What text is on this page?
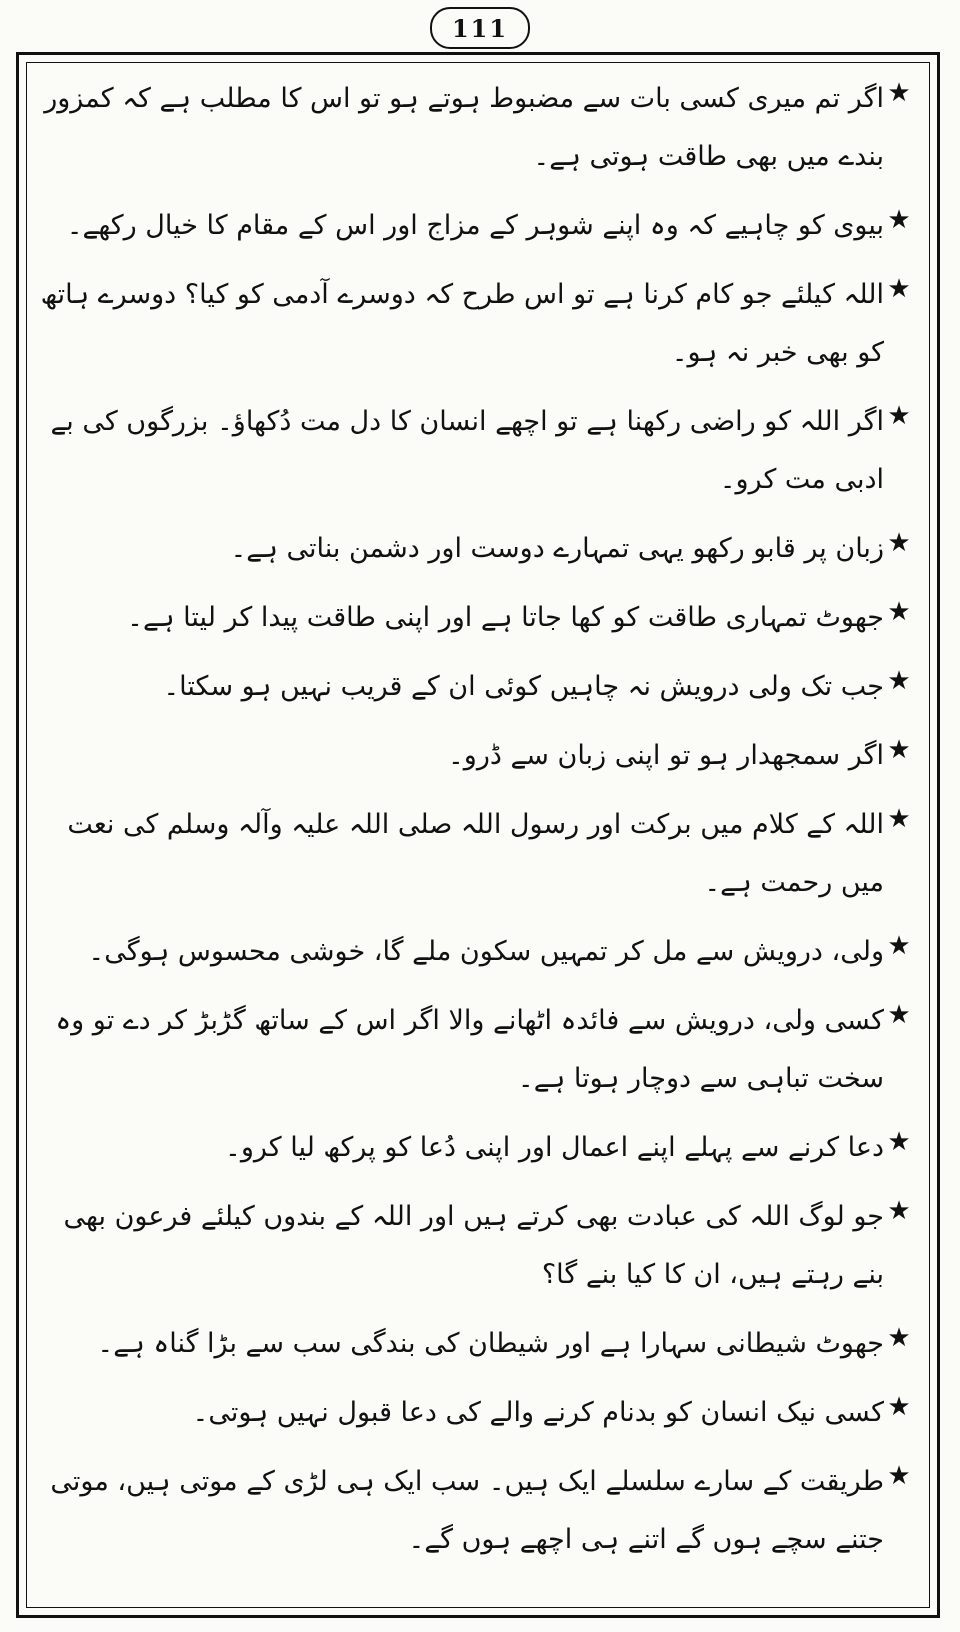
111
★
اگر تم میری کسی بات سے مضبوط ہوتے ہو تو اس کا مطلب ہے کہ کمزور بندے میں بھی طاقت ہوتی ہے۔
★
بیوی کو چاہیے کہ وہ اپنے شوہر کے مزاج اور اس کے مقام کا خیال رکھے۔
★
اللہ کیلئے جو کام کرنا ہے تو اس طرح کہ دوسرے آدمی کو کیا؟ دوسرے ہاتھ کو بھی خبر نہ ہو۔
★
اگر اللہ کو راضی رکھنا ہے تو اچھے انسان کا دل مت دُکھاؤ۔ بزرگوں کی بے ادبی مت کرو۔
★
زبان پر قابو رکھو یہی تمہارے دوست اور دشمن بناتی ہے۔
★
جھوٹ تمہاری طاقت کو کھا جاتا ہے اور اپنی طاقت پیدا کر لیتا ہے۔
★
جب تک ولی درویش نہ چاہیں کوئی ان کے قریب نہیں ہو سکتا۔
★
اگر سمجھدار ہو تو اپنی زبان سے ڈرو۔
★
اللہ کے کلام میں برکت اور رسول اللہ صلی اللہ علیہ وآلہ وسلم کی نعت میں رحمت ہے۔
★
ولی، درویش سے مل کر تمہیں سکون ملے گا، خوشی محسوس ہوگی۔
★
کسی ولی، درویش سے فائدہ اٹھانے والا اگر اس کے ساتھ گڑبڑ کر دے تو وہ سخت تباہی سے دوچار ہوتا ہے۔
★
دعا کرنے سے پہلے اپنے اعمال اور اپنی دُعا کو پرکھ لیا کرو۔
★
جو لوگ اللہ کی عبادت بھی کرتے ہیں اور اللہ کے بندوں کیلئے فرعون بھی بنے رہتے ہیں، ان کا کیا بنے گا؟
★
جھوٹ شیطانی سہارا ہے اور شیطان کی بندگی سب سے بڑا گناہ ہے۔
★
کسی نیک انسان کو بدنام کرنے والے کی دعا قبول نہیں ہوتی۔
★
طریقت کے سارے سلسلے ایک ہیں۔ سب ایک ہی لڑی کے موتی ہیں، موتی جتنے سچے ہوں گے اتنے ہی اچھے ہوں گے۔
